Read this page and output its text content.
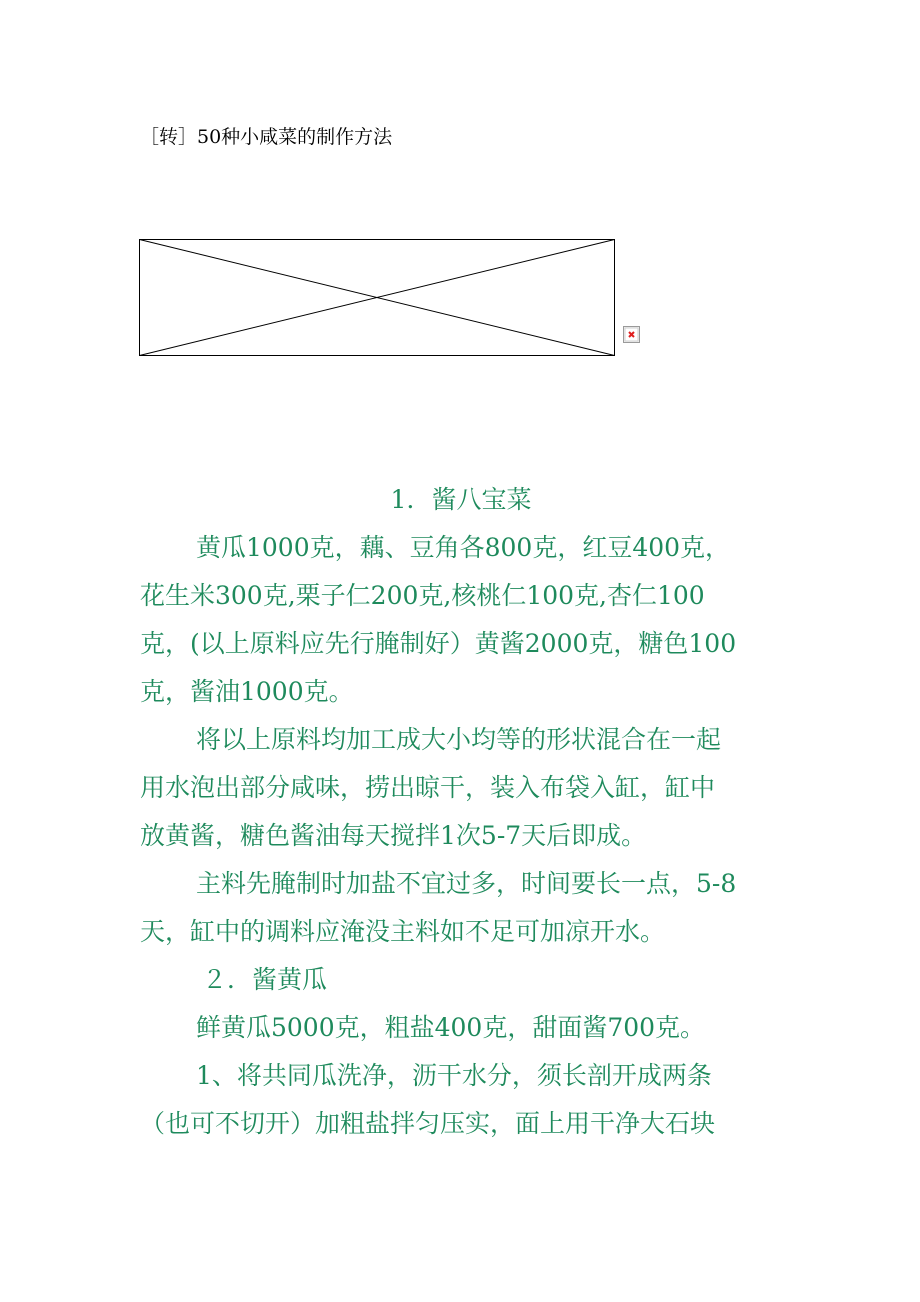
［转］50种小咸菜的制作方法
1．酱八宝菜
黄瓜1000克，藕、豆角各800克，红豆400克，
花生米300克,栗子仁200克,核桃仁100克,杏仁100
克，(以上原料应先行腌制好）黄酱2000克，糖色100
克，酱油1000克。
将以上原料均加工成大小均等的形状混合在一起
用水泡出部分咸味，捞出晾干，装入布袋入缸，缸中
放黄酱，糖色酱油每天搅拌1次5-7天后即成。
主料先腌制时加盐不宜过多，时间要长一点，5-8
天，缸中的调料应淹没主料如不足可加凉开水。
２．酱黄瓜
鲜黄瓜5000克，粗盐400克，甜面酱700克。
1、将共同瓜洗净，沥干水分，须长剖开成两条
（也可不切开）加粗盐拌匀压实，面上用干净大石块
